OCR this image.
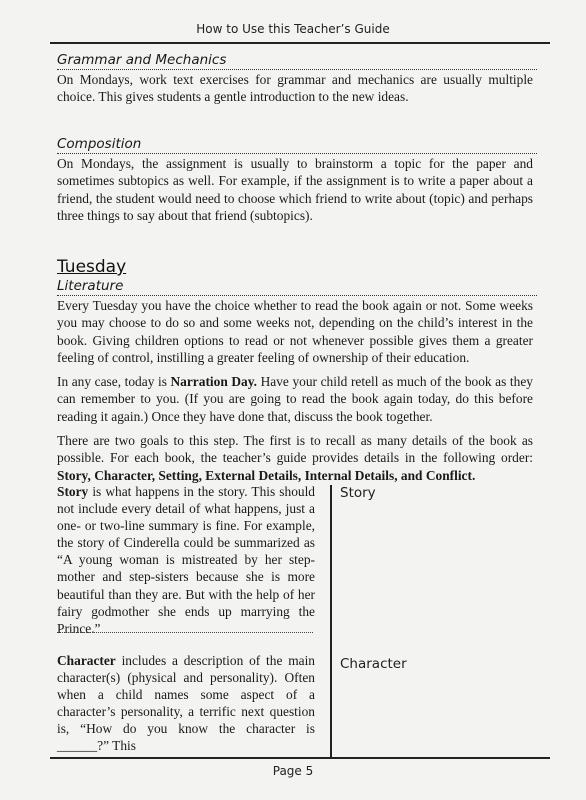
How to Use this Teacher’s Guide
Grammar and Mechanics
On Mondays, work text exercises for grammar and mechanics are usually multiple choice. This gives students a gentle introduction to the new ideas.
Composition
On Mondays, the assignment is usually to brainstorm a topic for the paper and sometimes subtopics as well. For example, if the assignment is to write a paper about a friend, the student would need to choose which friend to write about (topic) and perhaps three things to say about that friend (subtopics).
Tuesday
Literature
Every Tuesday you have the choice whether to read the book again or not. Some weeks you may choose to do so and some weeks not, depending on the child’s interest in the book. Giving children options to read or not whenever possible gives them a greater feeling of control, instilling a greater feeling of ownership of their education.
In any case, today is Narration Day. Have your child retell as much of the book as they can remember to you. (If you are going to read the book again today, do this before reading it again.) Once they have done that, discuss the book together.
There are two goals to this step. The first is to recall as many details of the book as possible. For each book, the teacher’s guide provides details in the following order: Story, Character, Setting, External Details, Internal Details, and Conflict.
Story is what happens in the story. This should not include every detail of what happens, just a one- or two-line summary is fine. For example, the story of Cinderella could be summarized as “A young woman is mistreated by her step-mother and step-sisters because she is more beautiful than they are. But with the help of her fairy godmother she ends up marrying the Prince.”
Character includes a description of the main character(s) (physical and personality). Often when a child names some aspect of a character’s personality, a terrific next question is, “How do you know the character is ______?” This
Story
Character
Page 5
